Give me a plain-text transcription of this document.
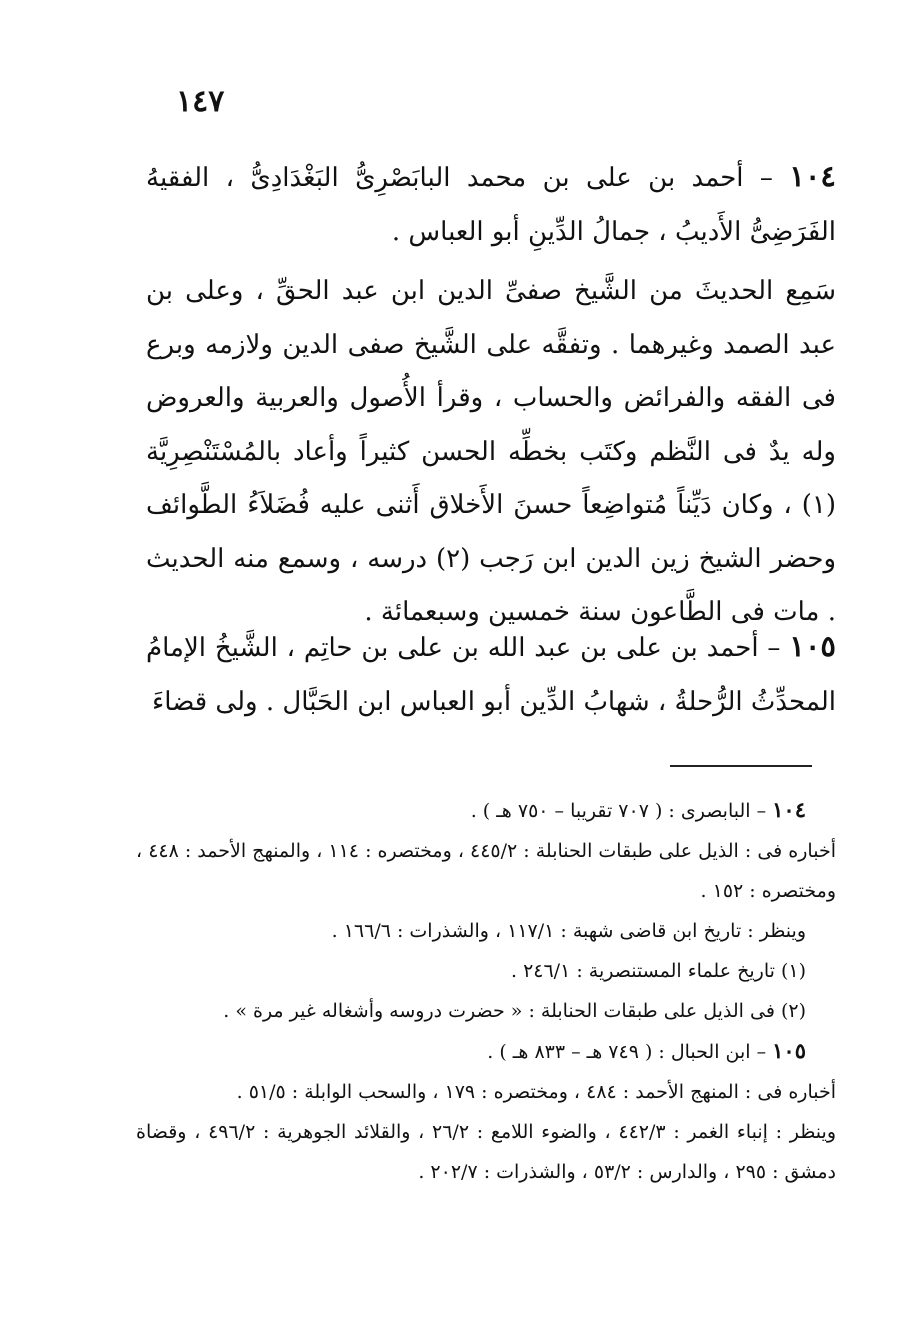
١٤٧
١٠٤ – أحمد بن على بن محمد البابَصْرِىُّ البَغْدَادِىُّ ، الفقيهُ الفَرَضِىُّ الأَديبُ ، جمالُ الدِّينِ أبو العباس .
سَمِع الحديثَ من الشَّيخ صفىِّ الدين ابن عبد الحقِّ ، وعلى بن عبد الصمد وغيرهما . وتفقَّه على الشَّيخ صفى الدين ولازمه وبرع فى الفقه والفرائض والحساب ، وقرأ الأُصول والعربية والعروض وله يدٌ فى النَّظم وكتَب بخطِّه الحسن كثيراً وأعاد بالمُسْتَنْصِرِيَّة (١) ، وكان دَيِّناً مُتواضِعاً حسنَ الأَخلاق أَثنى عليه فُضَلاَءُ الطَّوائف وحضر الشيخ زين الدين ابن رَجب (٢) درسه ، وسمع منه الحديث . مات فى الطَّاعون سنة خمسين وسبعمائة .
١٠٥ – أحمد بن على بن عبد الله بن على بن حاتِم ، الشَّيخُ الإمامُ المحدِّثُ الرُّحلةُ ، شهابُ الدِّين أبو العباس ابن الحَبَّال . ولى قضاءَ

١٠٤ – البابصرى : ( ٧٠٧ تقريبا – ٧٥٠ هـ ) .

أخباره فى : الذيل على طبقات الحنابلة : ٤٤٥/٢ ، ومختصره : ١١٤ ، والمنهج الأحمد : ٤٤٨ ، ومختصره : ١٥٢ .

وينظر : تاريخ ابن قاضى شهبة : ١١٧/١ ، والشذرات : ١٦٦/٦ .

(١) تاريخ علماء المستنصرية : ٢٤٦/١ .

(٢) فى الذيل على طبقات الحنابلة : « حضرت دروسه وأشغاله غير مرة » .

١٠٥ – ابن الحبال : ( ٧٤٩ هـ – ٨٣٣ هـ ) .

أخباره فى : المنهج الأحمد : ٤٨٤ ، ومختصره : ١٧٩ ، والسحب الوابلة : ٥١/٥ .

وينظر : إنباء الغمر : ٤٤٢/٣ ، والضوء اللامع : ٢٦/٢ ، والقلائد الجوهرية : ٤٩٦/٢ ، وقضاة دمشق : ٢٩٥ ، والدارس : ٥٣/٢ ، والشذرات : ٢٠٢/٧ .
